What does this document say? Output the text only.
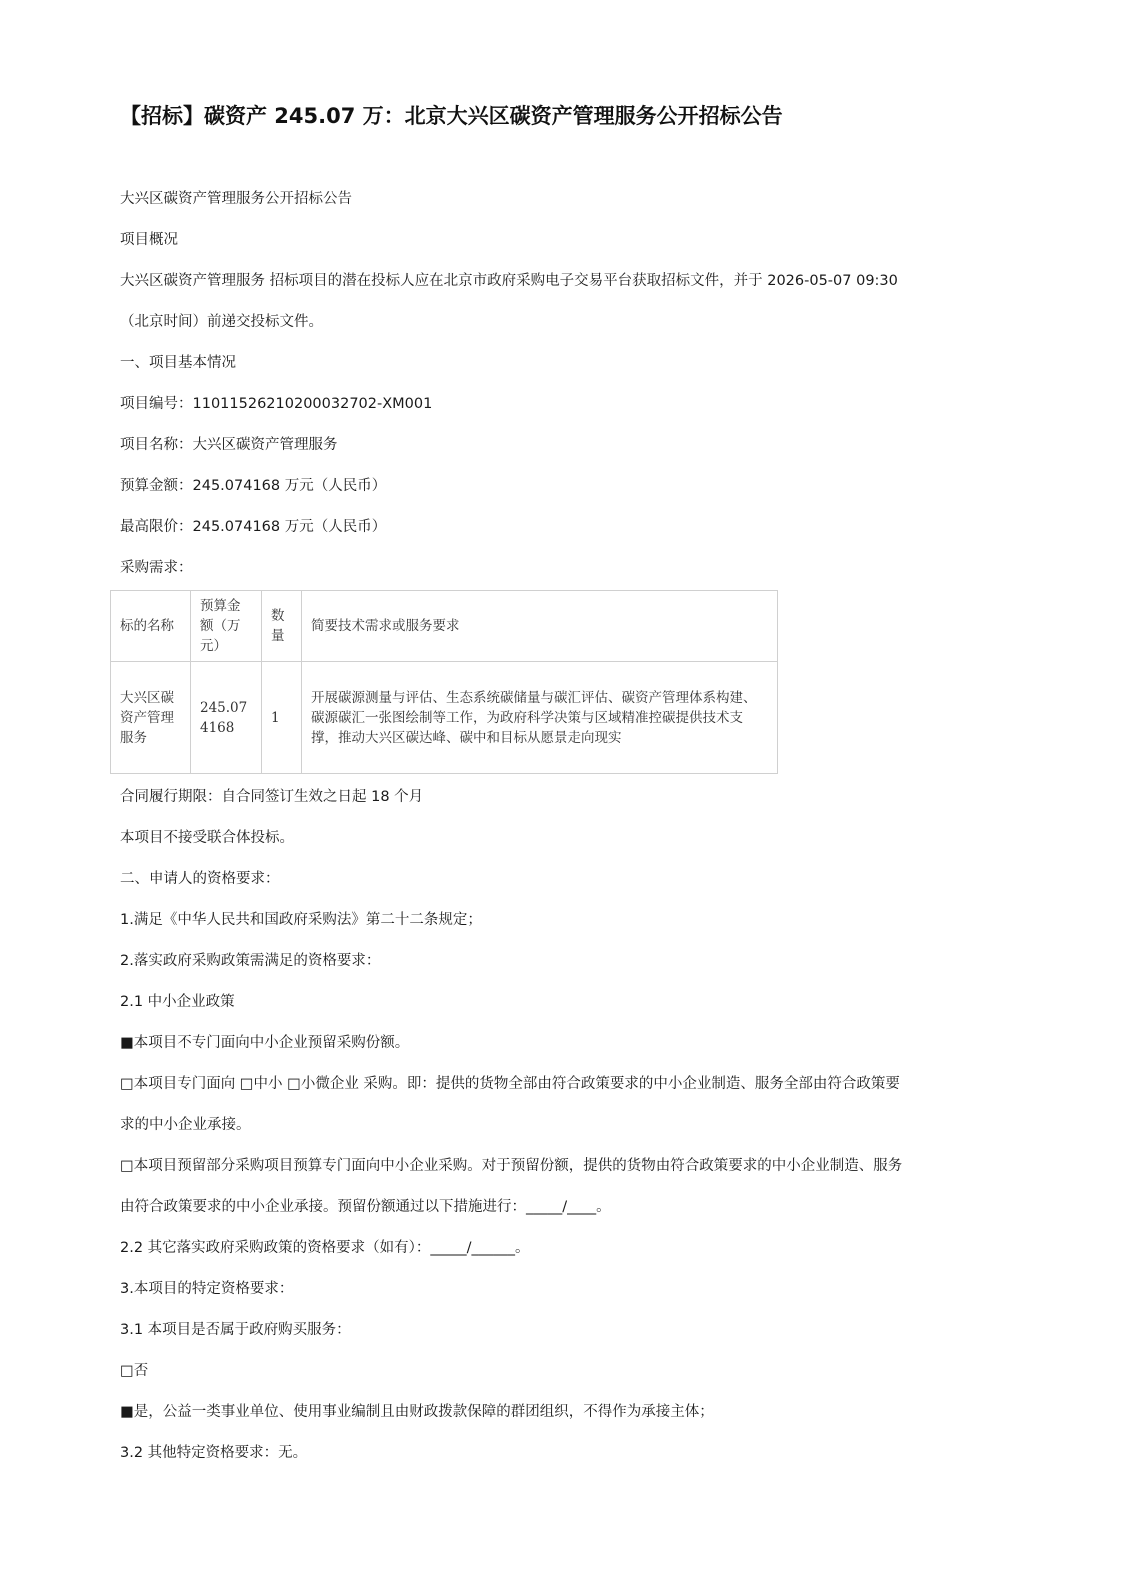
【招标】碳资产 245.07 万：北京大兴区碳资产管理服务公开招标公告

大兴区碳资产管理服务公开招标公告

项目概况

大兴区碳资产管理服务 招标项目的潜在投标人应在北京市政府采购电子交易平台获取招标文件，并于 2026-05-07 09:30

（北京时间）前递交投标文件。

一、项目基本情况

项目编号：11011526210200032702-XM001

项目名称：大兴区碳资产管理服务

预算金额：245.074168 万元（人民币）

最高限价：245.074168 万元（人民币）

采购需求：

标的名称	预算金额（万元）	数量	简要技术需求或服务要求
大兴区碳资产管理服务	245.074168	1	开展碳源测量与评估、生态系统碳储量与碳汇评估、碳资产管理体系构建、碳源碳汇一张图绘制等工作，为政府科学决策与区域精准控碳提供技术支撑，推动大兴区碳达峰、碳中和目标从愿景走向现实

合同履行期限：自合同签订生效之日起 18 个月

本项目不接受联合体投标。

二、申请人的资格要求：

1.满足《中华人民共和国政府采购法》第二十二条规定；

2.落实政府采购政策需满足的资格要求：

2.1 中小企业政策

■本项目不专门面向中小企业预留采购份额。

□本项目专门面向 □中小 □小微企业 采购。即：提供的货物全部由符合政策要求的中小企业制造、服务全部由符合政策要

求的中小企业承接。

□本项目预留部分采购项目预算专门面向中小企业采购。对于预留份额，提供的货物由符合政策要求的中小企业制造、服务

由符合政策要求的中小企业承接。预留份额通过以下措施进行：_____/____。

2.2 其它落实政府采购政策的资格要求（如有）：_____/______。

3.本项目的特定资格要求：

3.1 本项目是否属于政府购买服务：

□否

■是，公益一类事业单位、使用事业编制且由财政拨款保障的群团组织，不得作为承接主体；

3.2 其他特定资格要求：无。
